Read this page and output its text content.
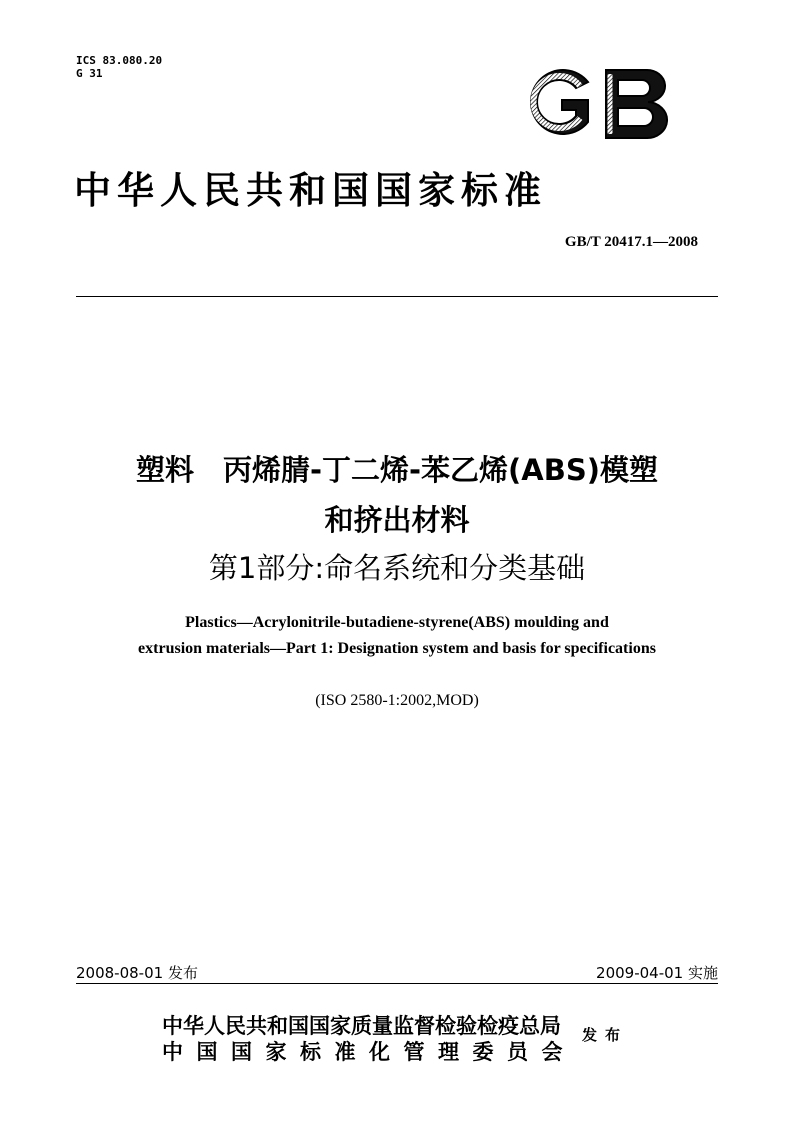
ICS 83.080.20
G 31
中华人民共和国国家标准
GB/T 20417.1—2008
塑料　丙烯腈-丁二烯-苯乙烯(ABS)模塑
和挤出材料
第1部分:命名系统和分类基础
Plastics—Acrylonitrile-butadiene-styrene(ABS) moulding and
extrusion materials—Part 1: Designation system and basis for specifications
(ISO 2580-1:2002,MOD)
2008-08-01 发布	2009-04-01 实施
中华人民共和国国家质量监督检验检疫总局
中国国家标准化管理委员会
发布
